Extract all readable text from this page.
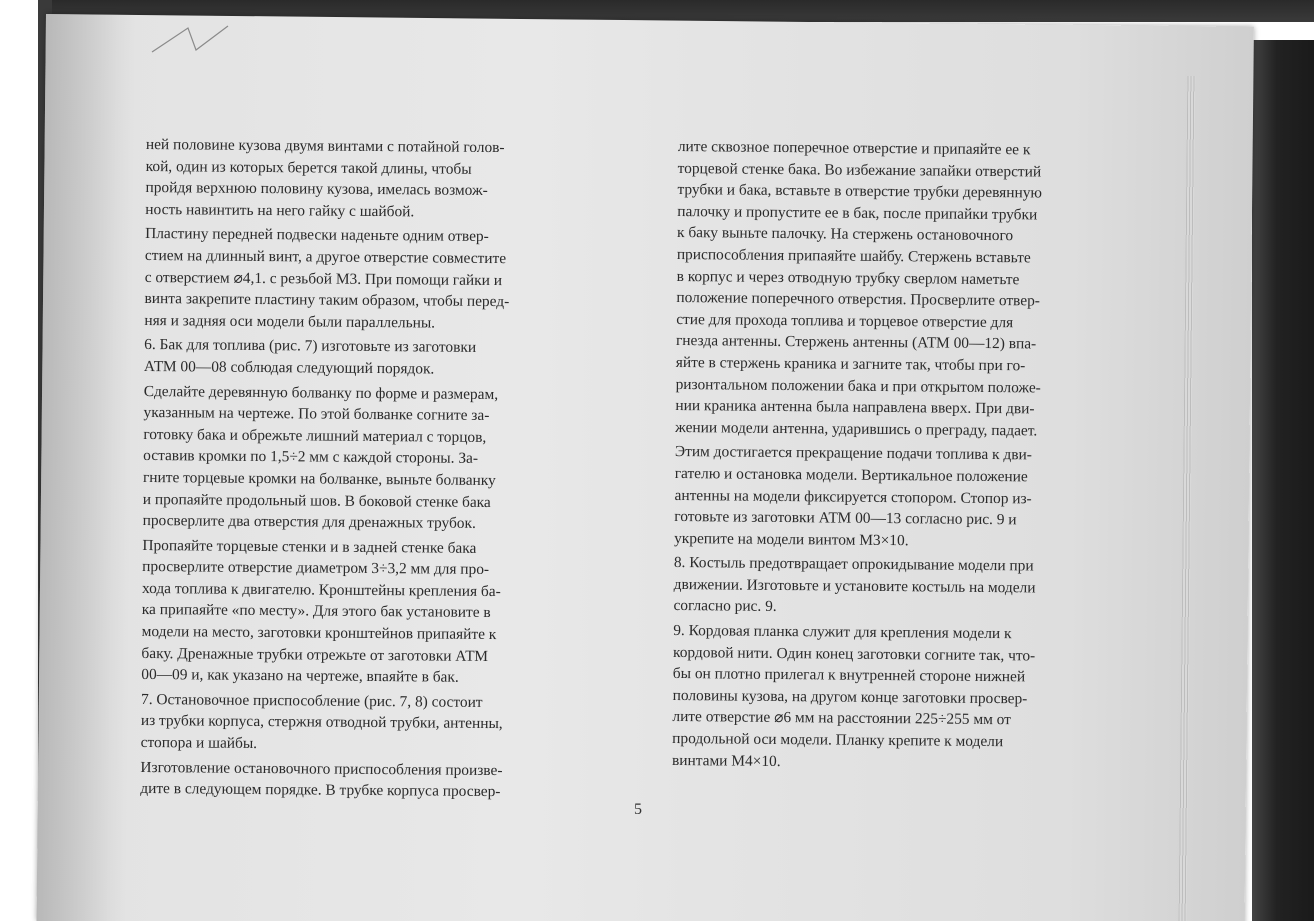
ней половине кузова двумя винтами с потайной голов-
кой, один из которых берется такой длины, чтобы
пройдя верхнюю половину кузова, имелась возмож-
ность навинтить на него гайку с шайбой.

Пластину передней подвески наденьте одним отвер-
стием на длинный винт, а другое отверстие совместите
с отверстием ⌀4,1. с резьбой М3. При помощи гайки и
винта закрепите пластину таким образом, чтобы перед-
няя и задняя оси модели были параллельны.

6. Бак для топлива (рис. 7) изготовьте из заготовки
АТМ 00—08 соблюдая следующий порядок.

Сделайте деревянную болванку по форме и размерам,
указанным на чертеже. По этой болванке согните за-
готовку бака и обрежьте лишний материал с торцов,
оставив кромки по 1,5÷2 мм с каждой стороны. За-
гните торцевые кромки на болванке, выньте болванку
и пропаяйте продольный шов. В боковой стенке бака
просверлите два отверстия для дренажных трубок.

Пропаяйте торцевые стенки и в задней стенке бака
просверлите отверстие диаметром 3÷3,2 мм для про-
хода топлива к двигателю. Кронштейны крепления ба-
ка припаяйте «по месту». Для этого бак установите в
модели на место, заготовки кронштейнов припаяйте к
баку. Дренажные трубки отрежьте от заготовки АТМ
00—09 и, как указано на чертеже, впаяйте в бак.

7. Остановочное приспособление (рис. 7, 8) состоит
из трубки корпуса, стержня отводной трубки, антенны,
стопора и шайбы.

Изготовление остановочного приспособления произве-
дите в следующем порядке. В трубке корпуса просвер-

лите сквозное поперечное отверстие и припаяйте ее к
торцевой стенке бака. Во избежание запайки отверстий
трубки и бака, вставьте в отверстие трубки деревянную
палочку и пропустите ее в бак, после припайки трубки
к баку выньте палочку. На стержень остановочного
приспособления припаяйте шайбу. Стержень вставьте
в корпус и через отводную трубку сверлом наметьте
положение поперечного отверстия. Просверлите отвер-
стие для прохода топлива и торцевое отверстие для
гнезда антенны. Стержень антенны (АТМ 00—12) впа-
яйте в стержень краника и загните так, чтобы при го-
ризонтальном положении бака и при открытом положе-
нии краника антенна была направлена вверх. При дви-
жении модели антенна, ударившись о преграду, падает.

Этим достигается прекращение подачи топлива к дви-
гателю и остановка модели. Вертикальное положение
антенны на модели фиксируется стопором. Стопор из-
готовьте из заготовки АТМ 00—13 согласно рис. 9 и
укрепите на модели винтом М3×10.

8. Костыль предотвращает опрокидывание модели при
движении. Изготовьте и установите костыль на модели
согласно рис. 9.

9. Кордовая планка служит для крепления модели к
кордовой нити. Один конец заготовки согните так, что-
бы он плотно прилегал к внутренней стороне нижней
половины кузова, на другом конце заготовки просвер-
лите отверстие ⌀6 мм на расстоянии 225÷255 мм от
продольной оси модели. Планку крепите к модели
винтами М4×10.

5
